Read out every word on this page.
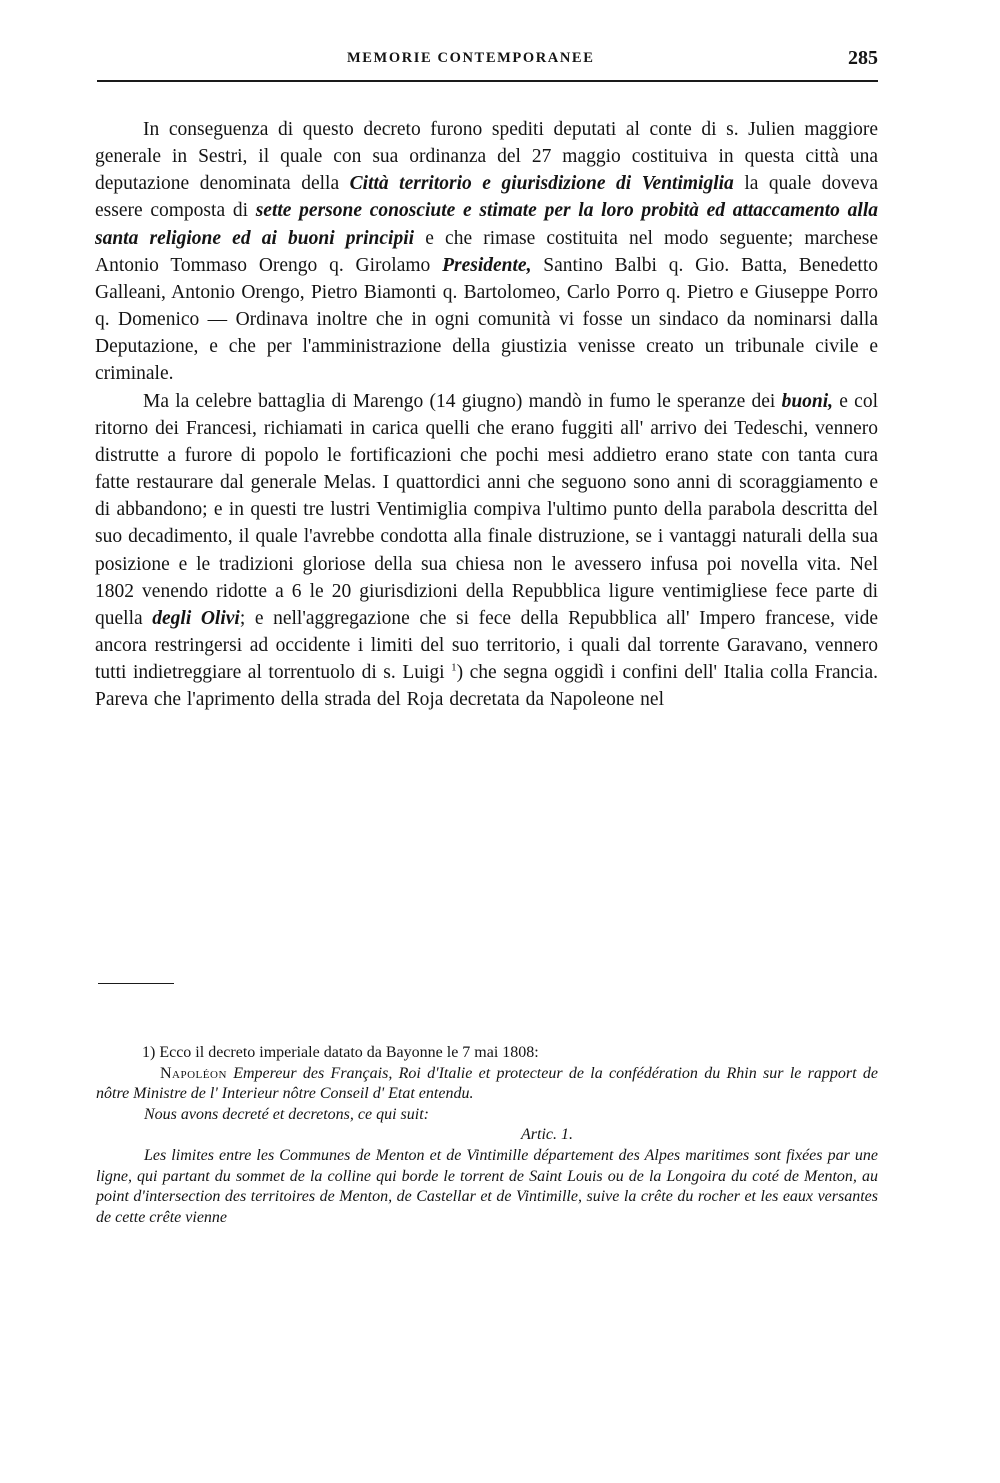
MEMORIE CONTEMPORANEE	285

In conseguenza di questo decreto furono spediti deputati al conte di s. Julien maggiore generale in Sestri, il quale con sua ordinanza del 27 maggio costituiva in questa città una deputazione denominata della Città territorio e giurisdizione di Ventimiglia la quale doveva essere composta di sette persone conosciute e stimate per la loro probità ed attaccamento alla santa religione ed ai buoni principii e che rimase costituita nel modo seguente; marchese Antonio Tommaso Orengo q. Girolamo Presidente, Santino Balbi q. Gio. Batta, Benedetto Galleani, Antonio Orengo, Pietro Biamonti q. Bartolomeo, Carlo Porro q. Pietro e Giuseppe Porro q. Domenico — Ordinava inoltre che in ogni comunità vi fosse un sindaco da nominarsi dalla Deputazione, e che per l'amministrazione della giustizia venisse creato un tribunale civile e criminale.

Ma la celebre battaglia di Marengo (14 giugno) mandò in fumo le speranze dei buoni, e col ritorno dei Francesi, richiamati in carica quelli che erano fuggiti all' arrivo dei Tedeschi, vennero distrutte a furore di popolo le fortificazioni che pochi mesi addietro erano state con tanta cura fatte restaurare dal generale Melas. I quattordici anni che seguono sono anni di scoraggiamento e di abbandono; e in questi tre lustri Ventimiglia compiva l'ultimo punto della parabola descritta del suo decadimento, il quale l'avrebbe condotta alla finale distruzione, se i vantaggi naturali della sua posizione e le tradizioni gloriose della sua chiesa non le avessero infusa poi novella vita. Nel 1802 venendo ridotte a 6 le 20 giurisdizioni della Repubblica ligure ventimigliese fece parte di quella degli Olivi; e nell'aggregazione che si fece della Repubblica all' Impero francese, vide ancora restringersi ad occidente i limiti del suo territorio, i quali dal torrente Garavano, vennero tutti indietreggiare al torrentuolo di s. Luigi $^1$) che segna oggidì i confini dell' Italia colla Francia. Pareva che l'aprimento della strada del Roja decretata da Napoleone nel

1) Ecco il decreto imperiale datato da Bayonne le 7 mai 1808:

Napoléon Empereur des Français, Roi d'Italie et protecteur de la confédération du Rhin sur le rapport de nôtre Ministre de l' Interieur nôtre Conseil d' Etat entendu.

Nous avons decreté et decretons, ce qui suit:

Artic. 1.

Les limites entre les Communes de Menton et de Vintimille département des Alpes maritimes sont fixées par une ligne, qui partant du sommet de la colline qui borde le torrent de Saint Louis ou de la Longoira du coté de Menton, au point d'intersection des territoires de Menton, de Castellar et de Vintimille, suive la crête du rocher et les eaux versantes de cette crête vienne
